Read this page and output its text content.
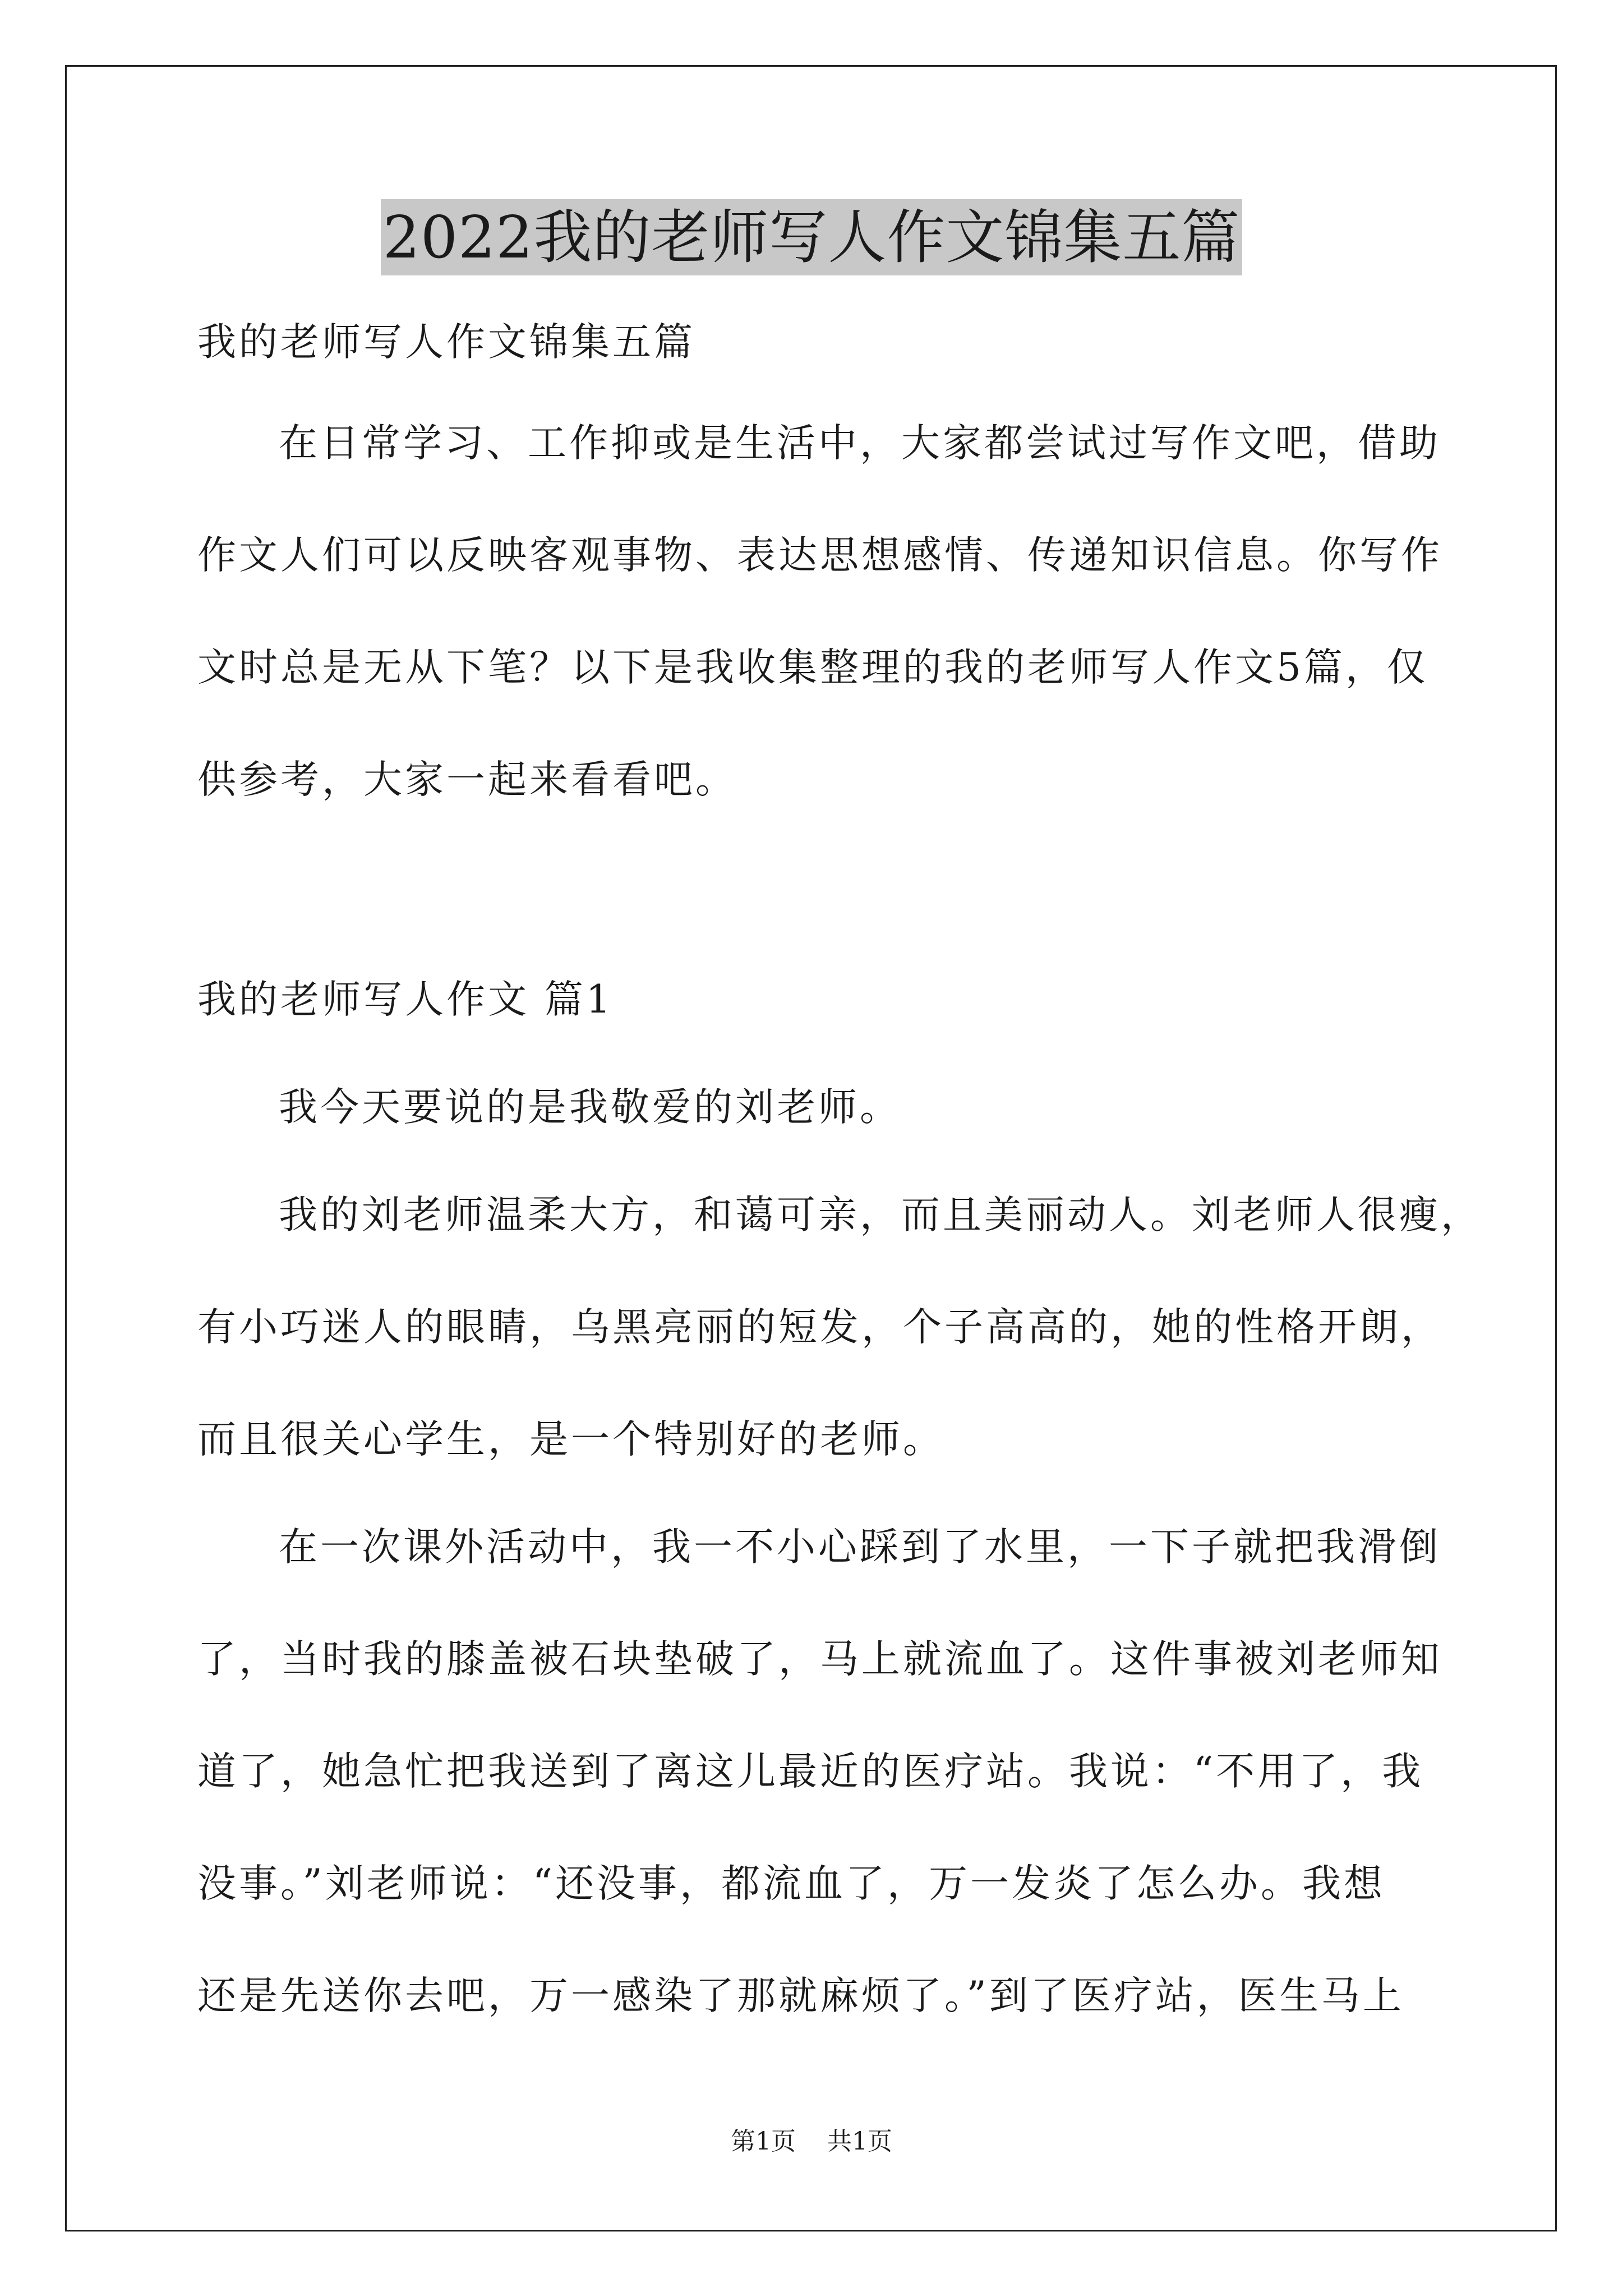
2022我的老师写人作文锦集五篇

我的老师写人作文锦集五篇

在日常学习、工作抑或是生活中，大家都尝试过写作文吧，借助

作文人们可以反映客观事物、表达思想感情、传递知识信息。你写作

文时总是无从下笔？以下是我收集整理的我的老师写人作文5篇，仅

供参考，大家一起来看看吧。

我的老师写人作文 篇1

我今天要说的是我敬爱的刘老师。

我的刘老师温柔大方，和蔼可亲，而且美丽动人。刘老师人很瘦，

有小巧迷人的眼睛，乌黑亮丽的短发，个子高高的，她的性格开朗，

而且很关心学生，是一个特别好的老师。

在一次课外活动中，我一不小心踩到了水里，一下子就把我滑倒

了，当时我的膝盖被石块垫破了，马上就流血了。这件事被刘老师知

道了，她急忙把我送到了离这儿最近的医疗站。我说：“不用了，我

没事。”刘老师说：“还没事，都流血了，万一发炎了怎么办。我想

还是先送你去吧，万一感染了那就麻烦了。”到了医疗站，医生马上

第1页 共1页
